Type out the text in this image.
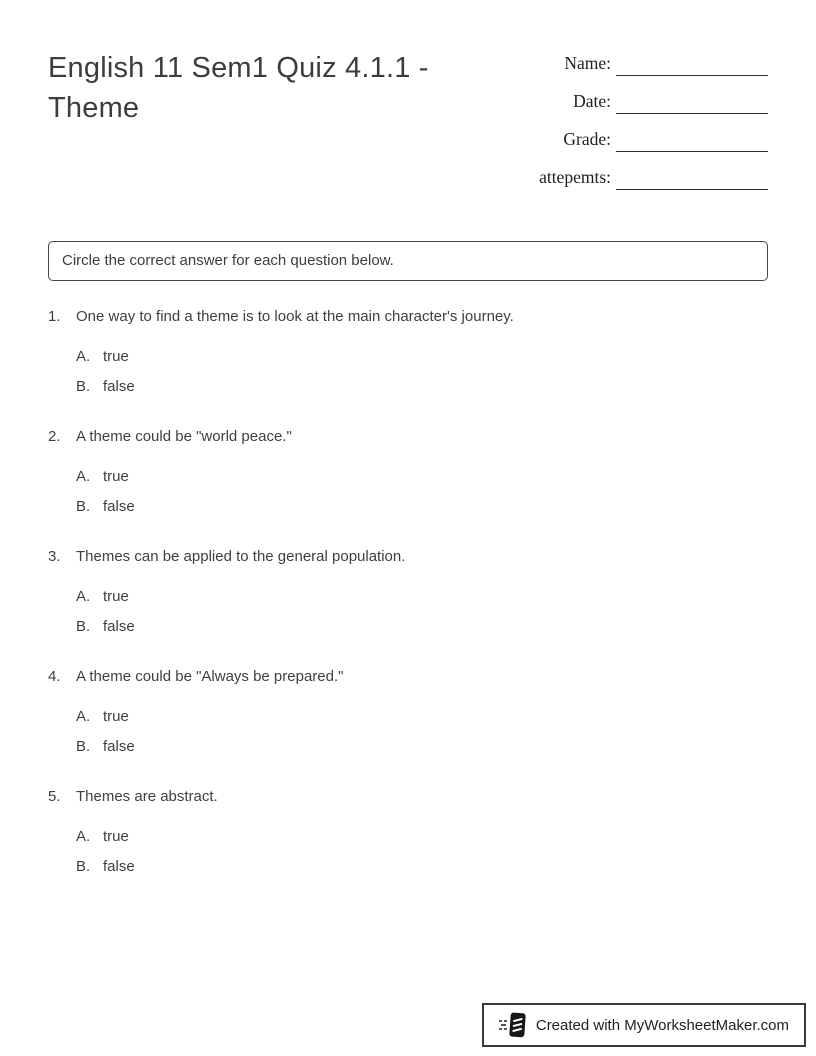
English 11 Sem1 Quiz 4.1.1 - Theme
Name:
Date:
Grade:
attepemts:
Circle the correct answer for each question below.
1.	One way to find a theme is to look at the main character's journey.
A. true
B. false
2.	A theme could be "world peace."
A. true
B. false
3.	Themes can be applied to the general population.
A. true
B. false
4.	A theme could be "Always be prepared."
A. true
B. false
5.	Themes are abstract.
A. true
B. false
Created with MyWorksheetMaker.com
